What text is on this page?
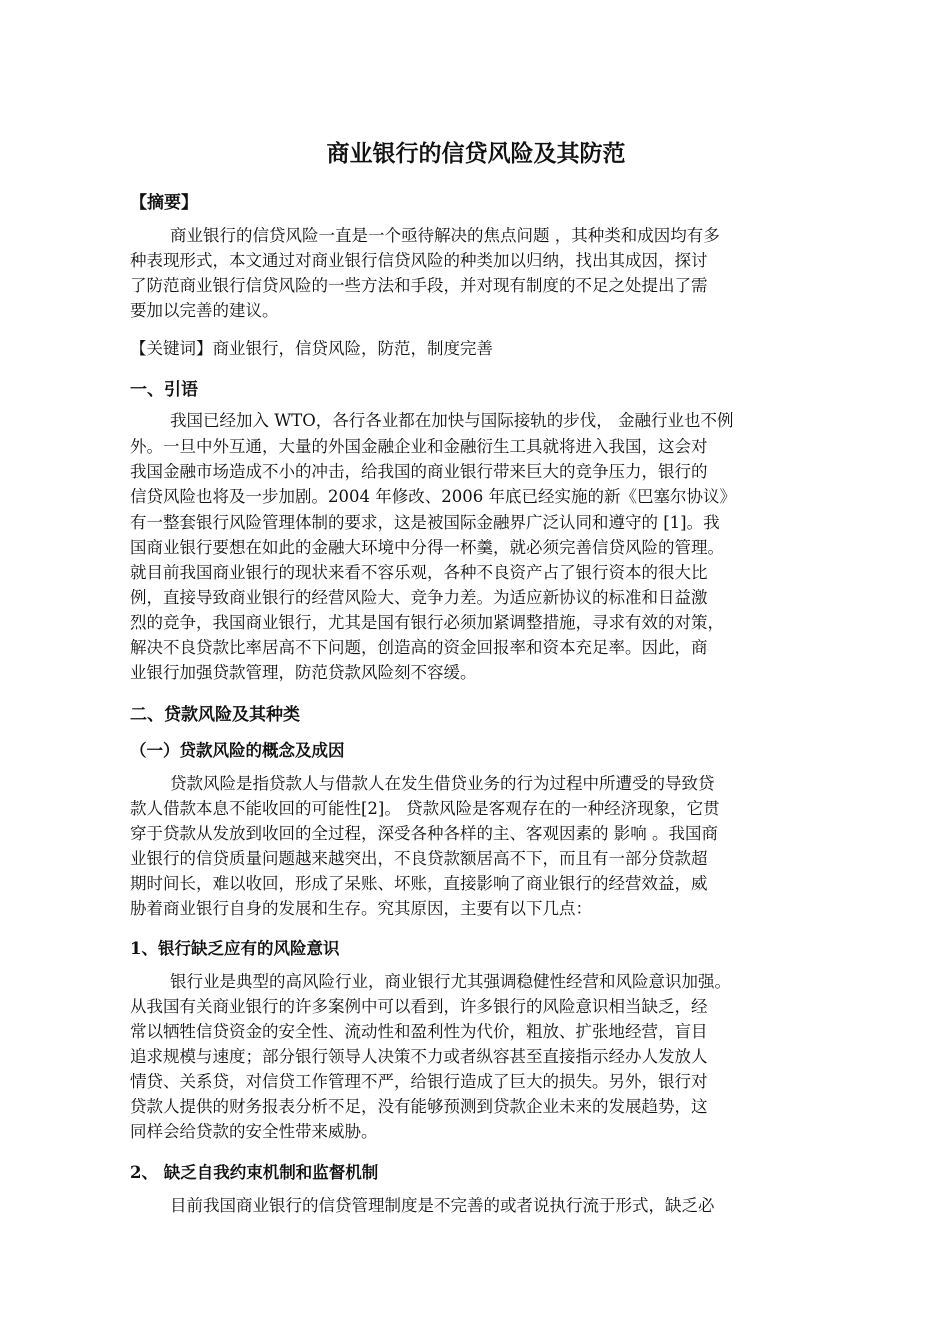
商业银行的信贷风险及其防范

【摘要】

商业银行的信贷风险一直是一个亟待解决的焦点问题 ，其种类和成因均有多

种表现形式，本文通过对商业银行信贷风险的种类加以归纳，找出其成因，探讨

了防范商业银行信贷风险的一些方法和手段，并对现有制度的不足之处提出了需

要加以完善的建议。

【关键词】商业银行，信贷风险，防范，制度完善

一、引语

我国已经加入 WTO，各行各业都在加快与国际接轨的步伐， 金融行业也不例

外。一旦中外互通，大量的外国金融企业和金融衍生工具就将进入我国，这会对

我国金融市场造成不小的冲击，给我国的商业银行带来巨大的竞争压力，银行的

信贷风险也将及一步加剧。2004 年修改、2006 年底已经实施的新《巴塞尔协议》

有一整套银行风险管理体制的要求，这是被国际金融界广泛认同和遵守的 [1]。我

国商业银行要想在如此的金融大环境中分得一杯羹，就必须完善信贷风险的管理。

就目前我国商业银行的现状来看不容乐观，各种不良资产占了银行资本的很大比

例，直接导致商业银行的经营风险大、竞争力差。为适应新协议的标准和日益激

烈的竞争，我国商业银行，尤其是国有银行必须加紧调整措施，寻求有效的对策，

解决不良贷款比率居高不下问题，创造高的资金回报率和资本充足率。因此，商

业银行加强贷款管理，防范贷款风险刻不容缓。

二、贷款风险及其种类

（一）贷款风险的概念及成因

贷款风险是指贷款人与借款人在发生借贷业务的行为过程中所遭受的导致贷

款人借款本息不能收回的可能性[2]。 贷款风险是客观存在的一种经济现象，它贯

穿于贷款从发放到收回的全过程，深受各种各样的主、客观因素的 影响 。我国商

业银行的信贷质量问题越来越突出，不良贷款额居高不下，而且有一部分贷款超

期时间长，难以收回，形成了呆账、坏账，直接影响了商业银行的经营效益，威

胁着商业银行自身的发展和生存。究其原因，主要有以下几点：

1、银行缺乏应有的风险意识

银行业是典型的高风险行业，商业银行尤其强调稳健性经营和风险意识加强。

从我国有关商业银行的许多案例中可以看到，许多银行的风险意识相当缺乏，经

常以牺牲信贷资金的安全性、流动性和盈利性为代价，粗放、扩张地经营，盲目

追求规模与速度；部分银行领导人决策不力或者纵容甚至直接指示经办人发放人

情贷、关系贷，对信贷工作管理不严，给银行造成了巨大的损失。另外，银行对

贷款人提供的财务报表分析不足，没有能够预测到贷款企业未来的发展趋势，这

同样会给贷款的安全性带来威胁。

2、 缺乏自我约束机制和监督机制

目前我国商业银行的信贷管理制度是不完善的或者说执行流于形式，缺乏必
